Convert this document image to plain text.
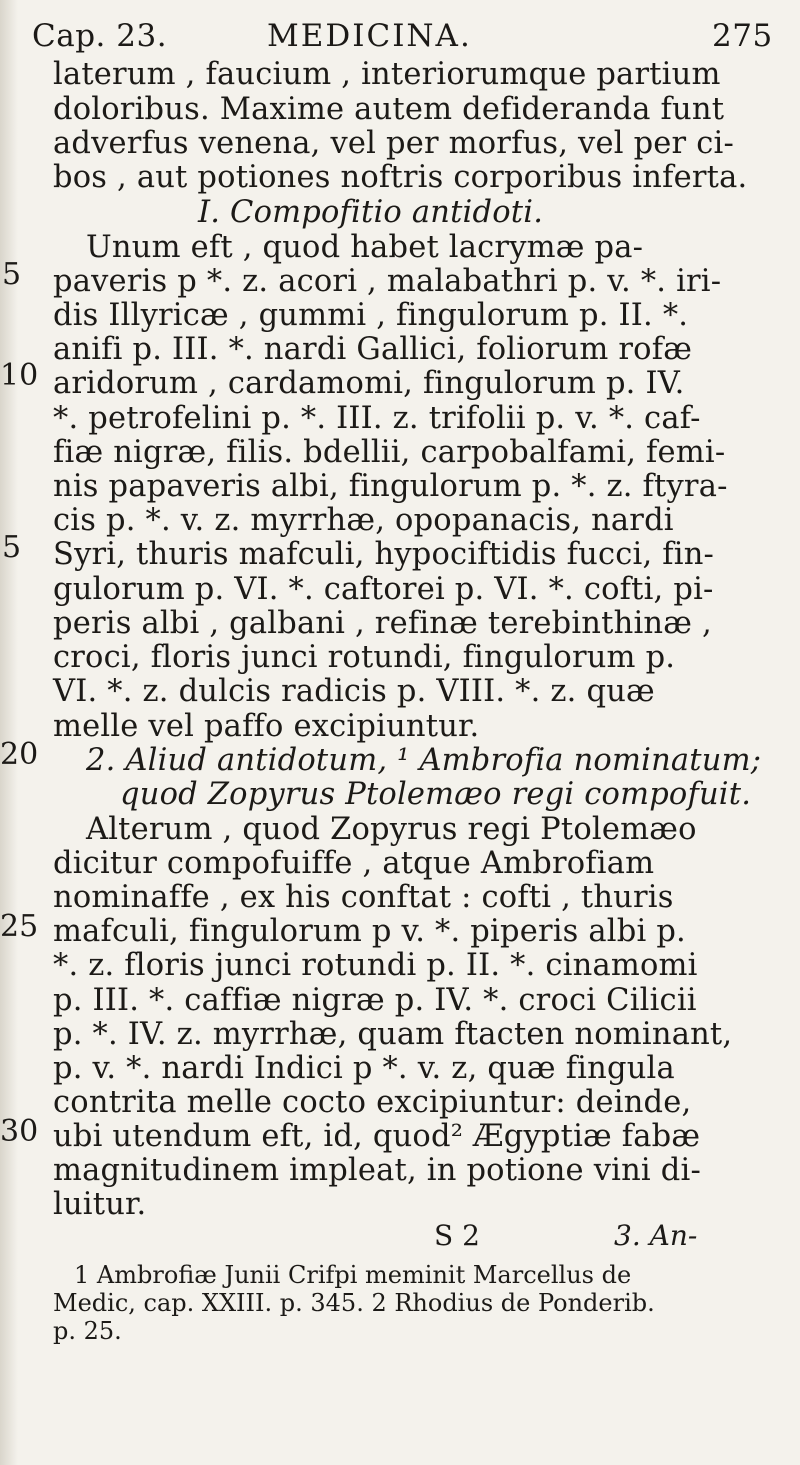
Cap. 23.	MEDICINA.	275
5
10
5
20
25
30
laterum , faucium , interiorumque partium
doloribus. Maxime autem defideranda funt
adverfus venena, vel per morfus, vel per ci-
bos , aut potiones noftris corporibus inferta.
I. Compofitio antidoti.
Unum eft , quod habet lacrymæ pa-
paveris p *. z. acori , malabathri p. v. *. iri-
dis Illyricæ , gummi , fingulorum p. II. *.
anifi p. III. *. nardi Gallici, foliorum rofæ
aridorum , cardamomi, fingulorum p. IV.
*. petrofelini p. *. III. z. trifolii p. v. *. caf-
fiæ nigræ, filis. bdellii, carpobalfami, femi-
nis papaveris albi, fingulorum p. *. z. ftyra-
cis p. *. v. z. myrrhæ, opopanacis, nardi
Syri, thuris mafculi, hypociftidis fucci, fin-
gulorum p. VI. *. caftorei p. VI. *. cofti, pi-
peris albi , galbani , refinæ terebinthinæ ,
croci, floris junci rotundi, fingulorum p.
VI. *. z. dulcis radicis p. VIII. *. z. quæ
melle vel paffo excipiuntur.
2. Aliud antidotum, ¹ Ambrofia nominatum;
quod Zopyrus Ptolemæo regi compofuit.
Alterum , quod Zopyrus regi Ptolemæo
dicitur compofuiffe , atque Ambrofiam
nominaffe , ex his conftat : cofti , thuris
mafculi, fingulorum p v. *. piperis albi p.
*. z. floris junci rotundi p. II. *. cinamomi
p. III. *. caffiæ nigræ p. IV. *. croci Cilicii
p. *. IV. z. myrrhæ, quam ftacten nominant,
p. v. *. nardi Indici p *. v. z, quæ fingula
contrita melle cocto excipiuntur: deinde,
ubi utendum eft, id, quod² Ægyptiæ fabæ
magnitudinem impleat, in potione vini di-
luitur.
S 2	3. An-
1 Ambrofiæ Junii Crifpi meminit Marcellus de
Medic, cap. XXIII. p. 345. 2 Rhodius de Ponderib.
p. 25.
